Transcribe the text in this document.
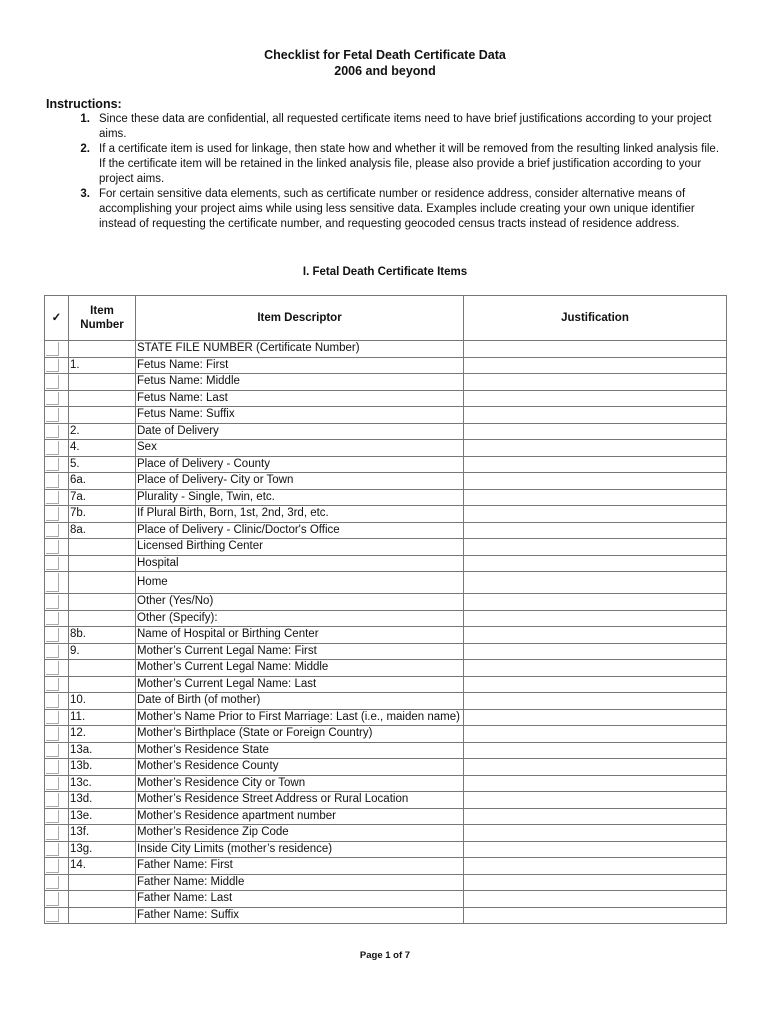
Checklist for Fetal Death Certificate Data
2006 and beyond
Instructions:
1. Since these data are confidential, all requested certificate items need to have brief justifications according to your project aims.
2. If a certificate item is used for linkage, then state how and whether it will be removed from the resulting linked analysis file. If the certificate item will be retained in the linked analysis file, please also provide a brief justification according to your project aims.
3. For certain sensitive data elements, such as certificate number or residence address, consider alternative means of accomplishing your project aims while using less sensitive data. Examples include creating your own unique identifier instead of requesting the certificate number, and requesting geocoded census tracts instead of residence address.
I. Fetal Death Certificate Items
✓	Item Number	Item Descriptor	Justification

		STATE FILE NUMBER (Certificate Number)	

	1.	Fetus Name: First	

		Fetus Name: Middle	

		Fetus Name: Last	

		Fetus Name: Suffix	

	2.	Date of Delivery	

	4.	Sex	

	5.	Place of Delivery - County	

	6a.	Place of Delivery- City or Town	

	7a.	Plurality - Single, Twin, etc.	

	7b.	If Plural Birth, Born, 1st, 2nd, 3rd, etc.	

	8a.	Place of Delivery - Clinic/Doctor's Office	

		Licensed Birthing Center	

		Hospital	

		Home	

		Other (Yes/No)	

		Other (Specify):	

	8b.	Name of Hospital or Birthing Center	

	9.	Mother’s Current Legal Name: First	

		Mother’s Current Legal Name: Middle	

		Mother’s Current Legal Name: Last	

	10.	Date of Birth (of mother)	

	11.	Mother’s Name Prior to First Marriage: Last (i.e., maiden name)	

	12.	Mother’s Birthplace (State or Foreign Country)	

	13a.	Mother’s Residence State	

	13b.	Mother’s Residence County	

	13c.	Mother’s Residence City or Town	

	13d.	Mother’s Residence Street Address or Rural Location	

	13e.	Mother’s Residence apartment number	

	13f.	Mother’s Residence Zip Code	

	13g.	Inside City Limits (mother’s residence)	

	14.	Father Name: First	

		Father Name: Middle	

		Father Name: Last	

		Father Name: Suffix	
Page 1 of 7
